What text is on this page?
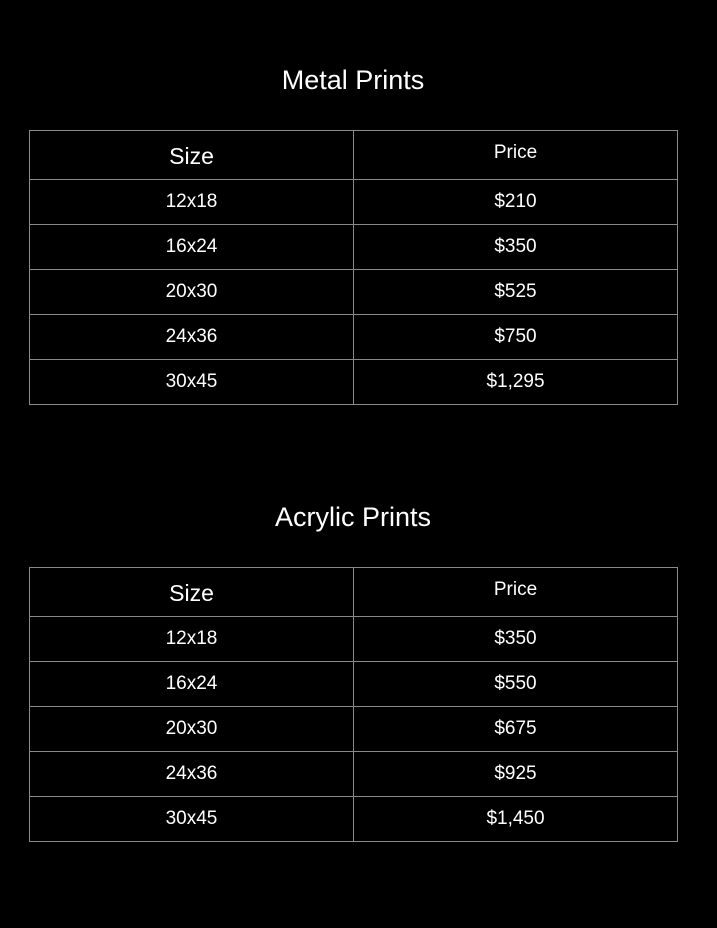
Metal Prints
Size	Price
12x18	$210
16x24	$350
20x30	$525
24x36	$750
30x45	$1,295
Acrylic Prints
Size	Price
12x18	$350
16x24	$550
20x30	$675
24x36	$925
30x45	$1,450
